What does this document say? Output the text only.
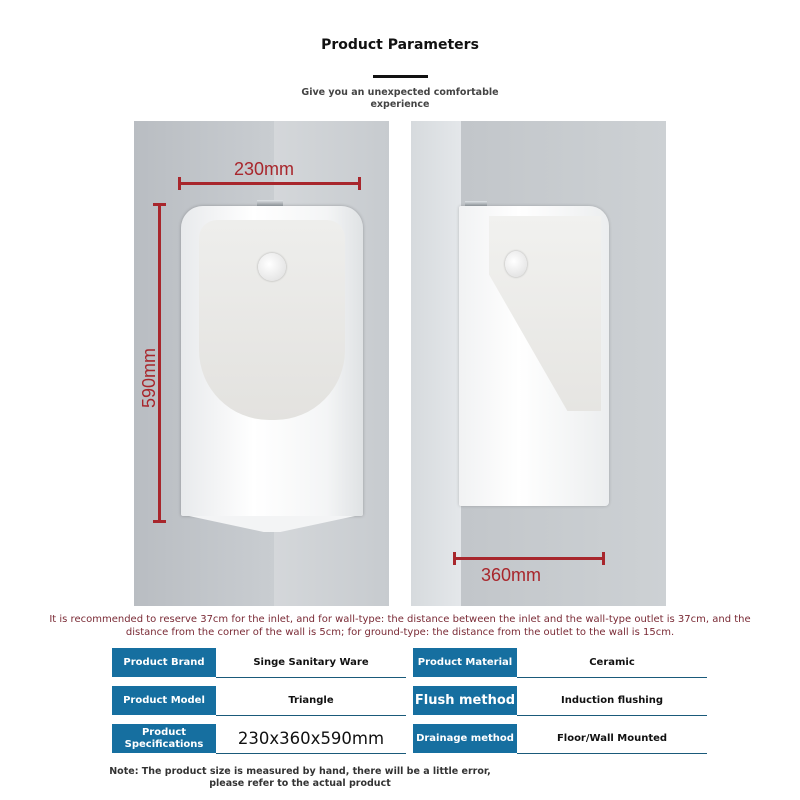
Product Parameters
Give you an unexpected comfortable experience
230mm
590mm
360mm
It is recommended to reserve 37cm for the inlet, and for wall-type: the distance between the inlet and the wall-type outlet is 37cm, and the distance from the corner of the wall is 5cm; for ground-type: the distance from the outlet to the wall is 15cm.
Product Brand	Singe Sanitary Ware
Product Model	Triangle
Product Specifications	230x360x590mm
Product Material	Ceramic
Flush method	Induction flushing
Drainage method	Floor/Wall Mounted
Note: The product size is measured by hand, there will be a little error, please refer to the actual product
